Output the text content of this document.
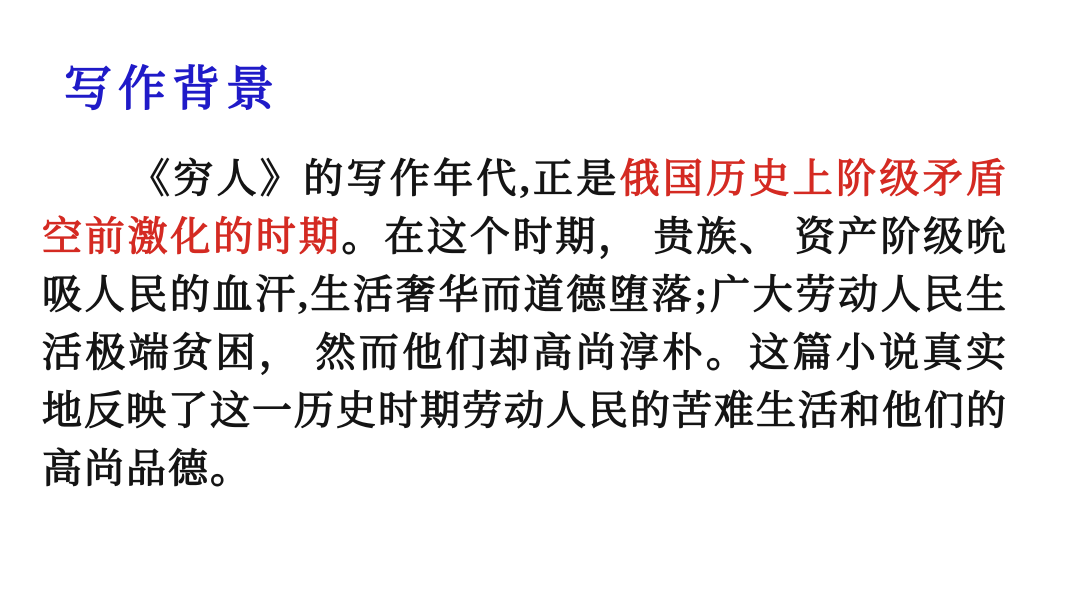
写作背景

《穷人》的写作年代,正是俄国历史上阶级矛盾空前激化的时期。在这个时期， 贵族、 资产阶级吮吸人民的血汗,生活奢华而道德堕落;广大劳动人民生活极端贫困， 然而他们却高尚淳朴。这篇小说真实地反映了这一历史时期劳动人民的苦难生活和他们的高尚品德。
